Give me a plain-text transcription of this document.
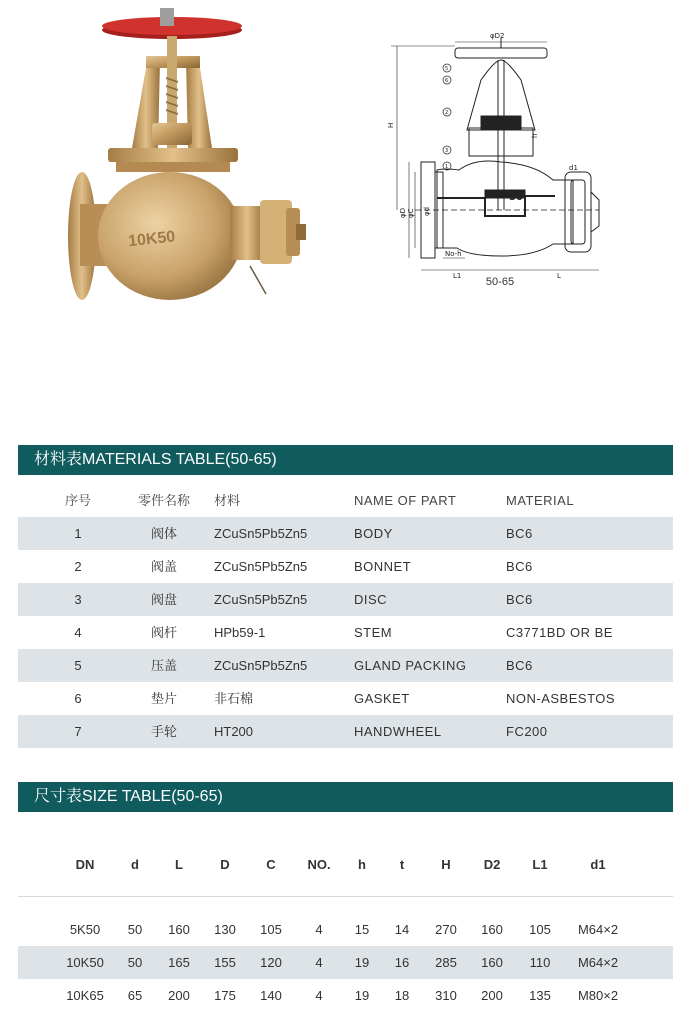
10K50
φD2
H
h
φD φC φd
No-h
L1	L
d1
50
5
6
2
3
1
50-65
材料表MATERIALS TABLE(50-65)
序号	零件名称	材料	NAME OF PART	MATERIAL
1	阀体	ZCuSn5Pb5Zn5	BODY	BC6
2	阀盖	ZCuSn5Pb5Zn5	BONNET	BC6
3	阀盘	ZCuSn5Pb5Zn5	DISC	BC6
4	阀杆	HPb59-1	STEM	C3771BD OR BE
5	压盖	ZCuSn5Pb5Zn5	GLAND PACKING	BC6
6	垫片	非石棉	GASKET	NON-ASBESTOS
7	手轮	HT200	HANDWHEEL	FC200
尺寸表SIZE TABLE(50-65)
DN	d	L	D	C	NO.	h	t	H	D2	L1	d1
5K50	50	160	130	105	4	15	14	270	160	105	M64×2
10K50	50	165	155	120	4	19	16	285	160	110	M64×2
10K65	65	200	175	140	4	19	18	310	200	135	M80×2
